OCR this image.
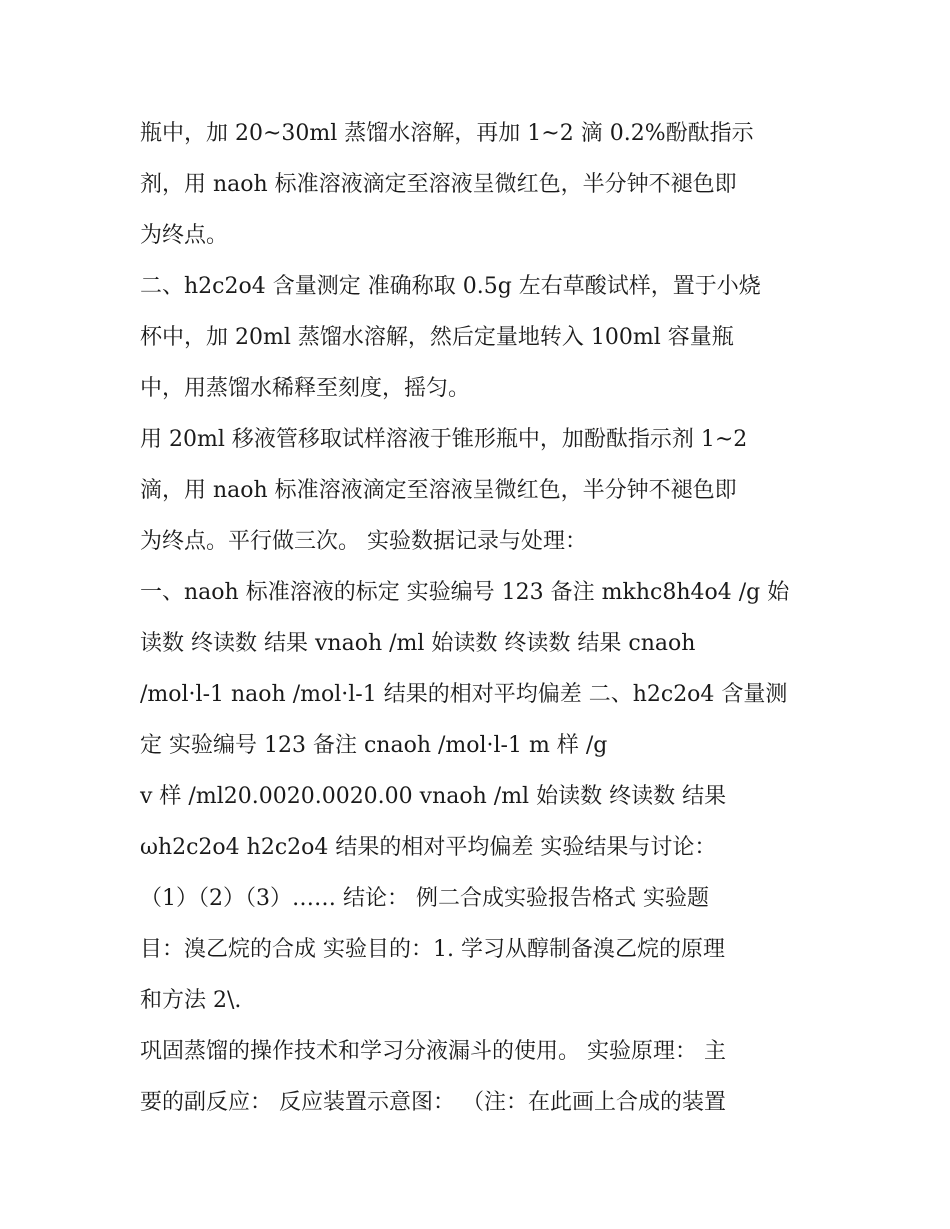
瓶中，加 20~30ml 蒸馏水溶解，再加 1~2 滴 0.2%酚酞指示
剂，用 naoh 标准溶液滴定至溶液呈微红色，半分钟不褪色即
为终点。
二、h2c2o4 含量测定 准确称取 0.5g 左右草酸试样，置于小烧
杯中，加 20ml 蒸馏水溶解，然后定量地转入 100ml 容量瓶
中，用蒸馏水稀释至刻度，摇匀。
用 20ml 移液管移取试样溶液于锥形瓶中，加酚酞指示剂 1~2
滴，用 naoh 标准溶液滴定至溶液呈微红色，半分钟不褪色即
为终点。平行做三次。 实验数据记录与处理：
一、naoh 标准溶液的标定 实验编号 123 备注 mkhc8h4o4 /g 始
读数 终读数 结果 vnaoh /ml 始读数 终读数 结果 cnaoh
/mol·l-1 naoh /mol·l-1 结果的相对平均偏差 二、h2c2o4 含量测
定 实验编号 123 备注 cnaoh /mol·l-1 m 样 /g
v 样 /ml20.0020.0020.00 vnaoh /ml 始读数 终读数 结果
ωh2c2o4 h2c2o4 结果的相对平均偏差 实验结果与讨论：
（1）（2）（3）…… 结论： 例二合成实验报告格式 实验题
目：溴乙烷的合成 实验目的：1. 学习从醇制备溴乙烷的原理
和方法 2\.
巩固蒸馏的操作技术和学习分液漏斗的使用。 实验原理： 主
要的副反应： 反应装置示意图： （注：在此画上合成的装置
